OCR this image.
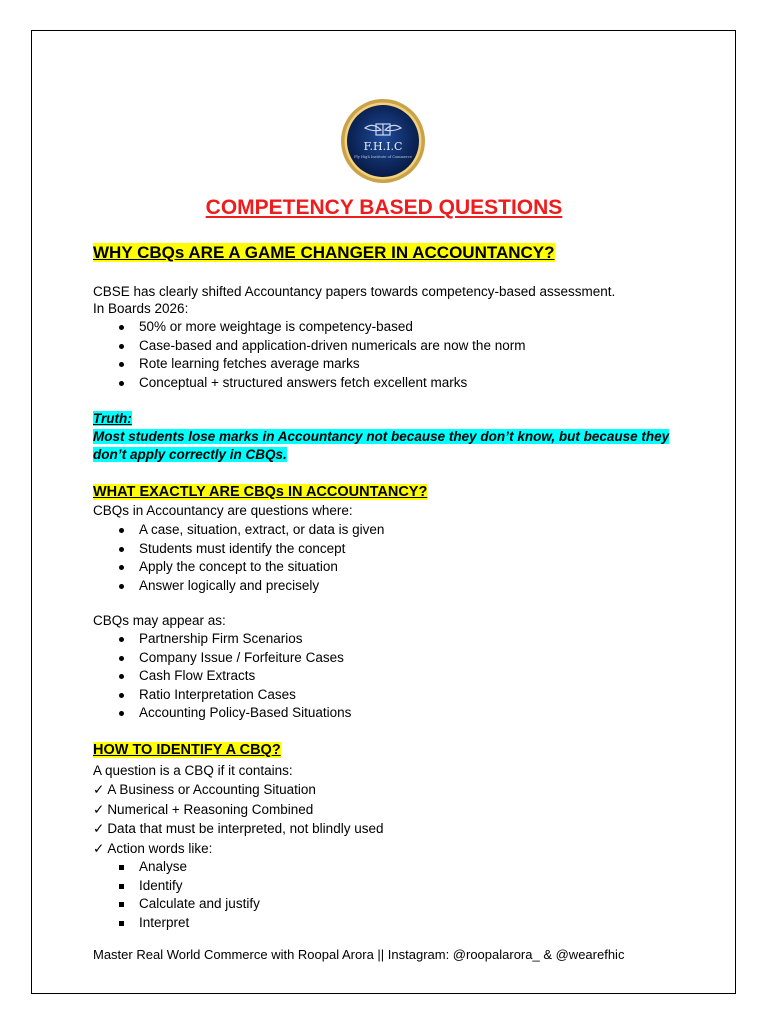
F.H.I.C
Fly High Institute of Commerce
COMPETENCY BASED QUESTIONS
WHY CBQs ARE A GAME CHANGER IN ACCOUNTANCY?
CBSE has clearly shifted Accountancy papers towards competency-based assessment.
In Boards 2026:
50% or more weightage is competency-based
Case-based and application-driven numericals are now the norm
Rote learning fetches average marks
Conceptual + structured answers fetch excellent marks
Truth:
Most students lose marks in Accountancy not because they don’t know, but because they
don’t apply correctly in CBQs.
WHAT EXACTLY ARE CBQs IN ACCOUNTANCY?
CBQs in Accountancy are questions where:
A case, situation, extract, or data is given
Students must identify the concept
Apply the concept to the situation
Answer logically and precisely
CBQs may appear as:
Partnership Firm Scenarios
Company Issue / Forfeiture Cases
Cash Flow Extracts
Ratio Interpretation Cases
Accounting Policy-Based Situations
HOW TO IDENTIFY A CBQ?
A question is a CBQ if it contains:
✓ A Business or Accounting Situation
✓ Numerical + Reasoning Combined
✓ Data that must be interpreted, not blindly used
✓ Action words like:
Analyse
Identify
Calculate and justify
Interpret
Master Real World Commerce with Roopal Arora || Instagram: @roopalarora_ & @wearefhic
